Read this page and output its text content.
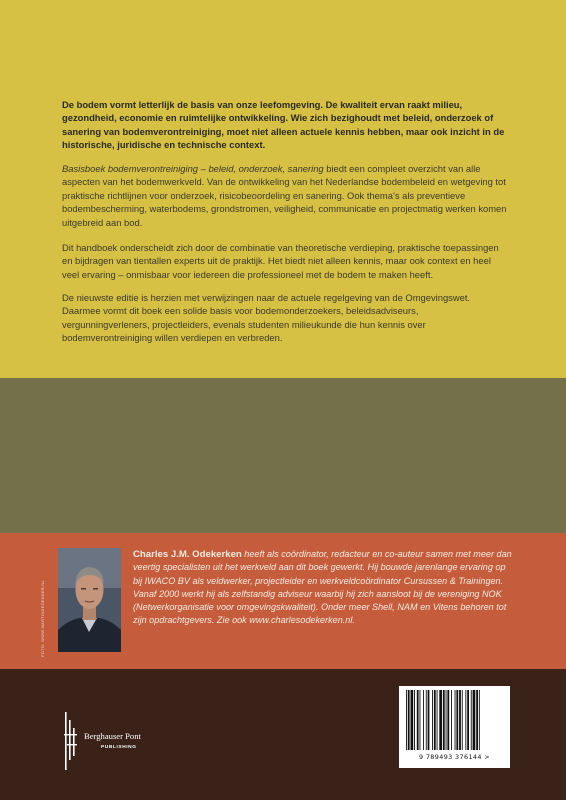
De bodem vormt letterlijk de basis van onze leefomgeving. De kwaliteit ervan raakt milieu, gezondheid, economie en ruimtelijke ontwikkeling. Wie zich bezighoudt met beleid, onderzoek of sanering van bodemverontreiniging, moet niet alleen actuele kennis hebben, maar ook inzicht in de historische, juridische en technische context.

Basisboek bodemverontreiniging – beleid, onderzoek, sanering biedt een compleet overzicht van alle aspecten van het bodemwerkveld. Van de ontwikkeling van het Nederlandse bodembeleid en wetgeving tot praktische richtlijnen voor onderzoek, risicobeoordeling en sanering. Ook thema’s als preventieve bodembescherming, waterbodems, grondstromen, veiligheid, communicatie en projectmatig werken komen uitgebreid aan bod.

Dit handboek onderscheidt zich door de combinatie van theoretische verdieping, praktische toepassingen en bijdragen van tientallen experts uit de praktijk. Het biedt niet alleen kennis, maar ook context en heel veel ervaring – onmisbaar voor iedereen die professioneel met de bodem te maken heeft.

De nieuwste editie is herzien met verwijzingen naar de actuele regelgeving van de Omgevingswet. Daarmee vormt dit boek een solide basis voor bodemonderzoekers, beleidsadviseurs, vergunningverleners, projectleiders, evenals studenten milieukunde die hun kennis over bodemverontreiniging willen verdiepen en verbreden.

FOTO: WWW.MARTINDEDEKKER.NL

Charles J.M. Odekerken heeft als coördinator, redacteur en co-auteur samen met meer dan veertig specialisten uit het werkveld aan dit boek gewerkt. Hij bouwde jarenlange ervaring op bij IWACO BV als veldwerker, projectleider en werkveldcoördinator Cursussen & Trainingen. Vanaf 2000 werkt hij als zelfstandig adviseur waarbij hij zich aansloot bij de vereniging NOK (Netwerkorganisatie voor omgevingskwaliteit). Onder meer Shell, NAM en Vitens behoren tot zijn opdrachtgevers. Zie ook www.charlesodekerken.nl.

Berghauser Pont
PUBLISHING
9 789493 376144 >
